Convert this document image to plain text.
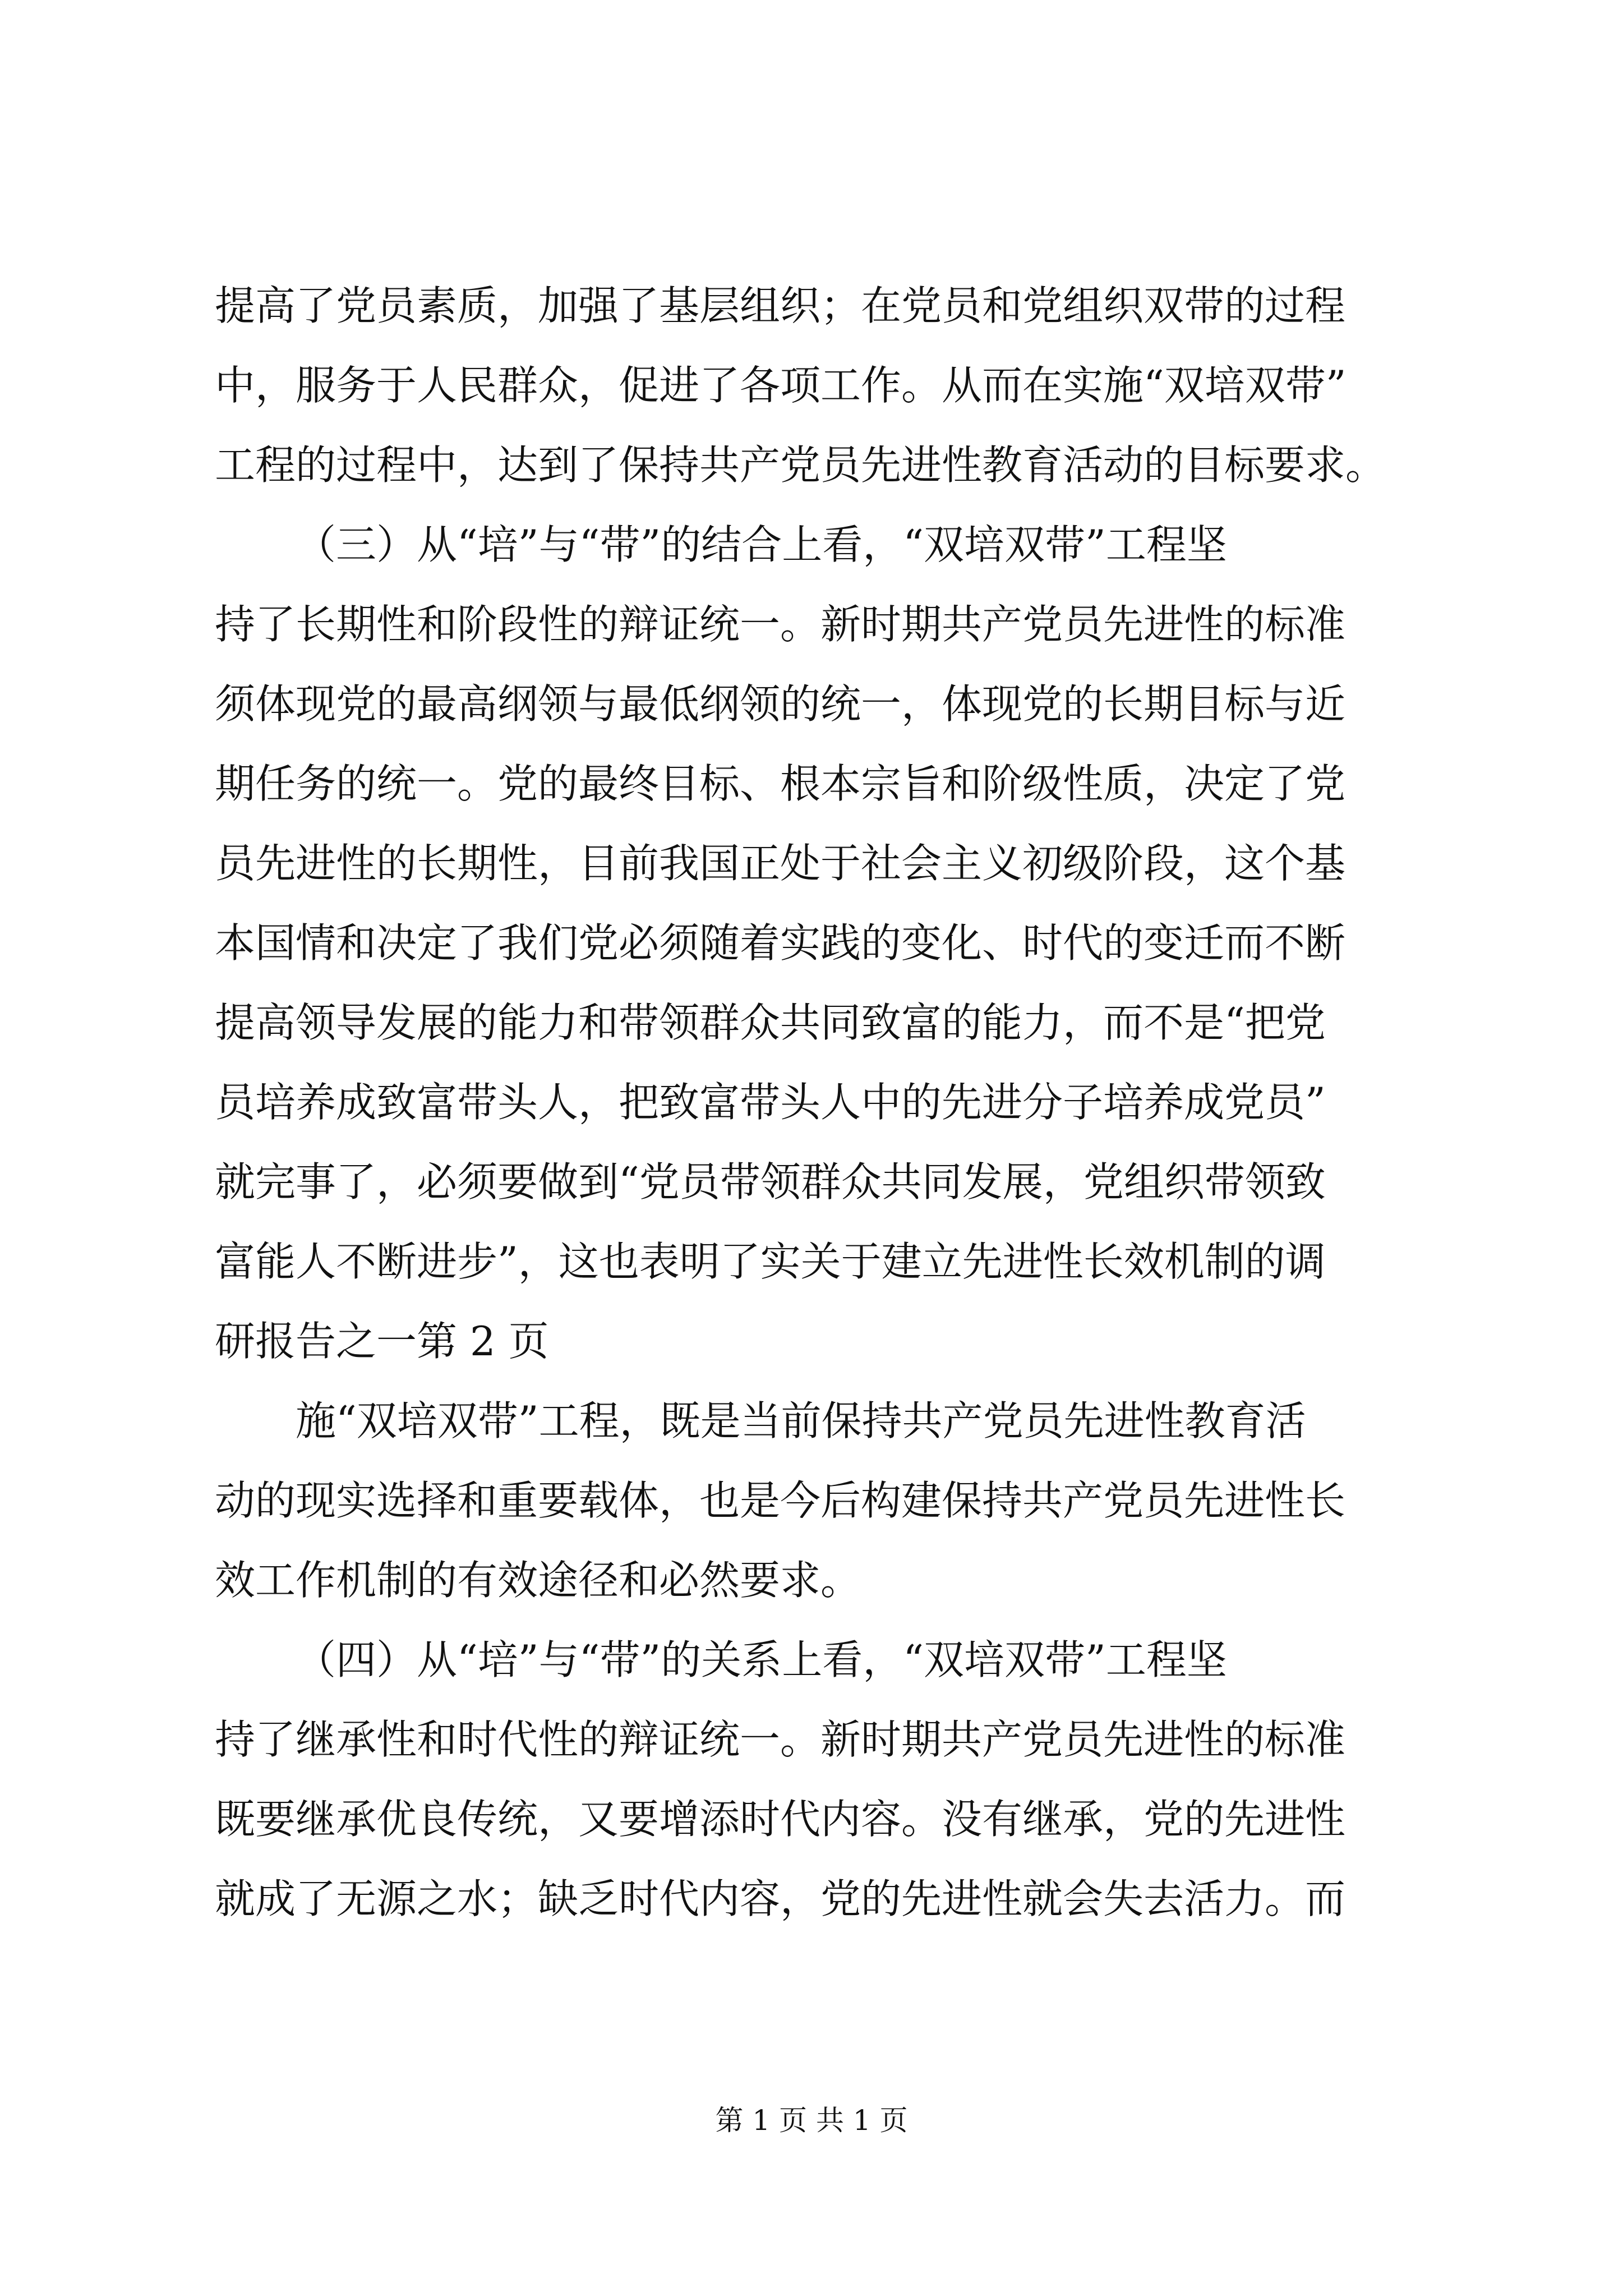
提高了党员素质，加强了基层组织；在党员和党组织双带的过程
中，服务于人民群众，促进了各项工作。从而在实施“双培双带”
工程的过程中，达到了保持共产党员先进性教育活动的目标要求。
（三）从“培”与“带”的结合上看，“双培双带”工程坚
持了长期性和阶段性的辩证统一。新时期共产党员先进性的标准
须体现党的最高纲领与最低纲领的统一，体现党的长期目标与近
期任务的统一。党的最终目标、根本宗旨和阶级性质，决定了党
员先进性的长期性，目前我国正处于社会主义初级阶段，这个基
本国情和决定了我们党必须随着实践的变化、时代的变迁而不断
提高领导发展的能力和带领群众共同致富的能力，而不是“把党
员培养成致富带头人，把致富带头人中的先进分子培养成党员”
就完事了，必须要做到“党员带领群众共同发展，党组织带领致
富能人不断进步”，这也表明了实关于建立先进性长效机制的调
研报告之一第 2 页
施“双培双带”工程，既是当前保持共产党员先进性教育活
动的现实选择和重要载体，也是今后构建保持共产党员先进性长
效工作机制的有效途径和必然要求。
（四）从“培”与“带”的关系上看，“双培双带”工程坚
持了继承性和时代性的辩证统一。新时期共产党员先进性的标准
既要继承优良传统，又要增添时代内容。没有继承，党的先进性
就成了无源之水；缺乏时代内容，党的先进性就会失去活力。而
第 1 页 共 1 页
